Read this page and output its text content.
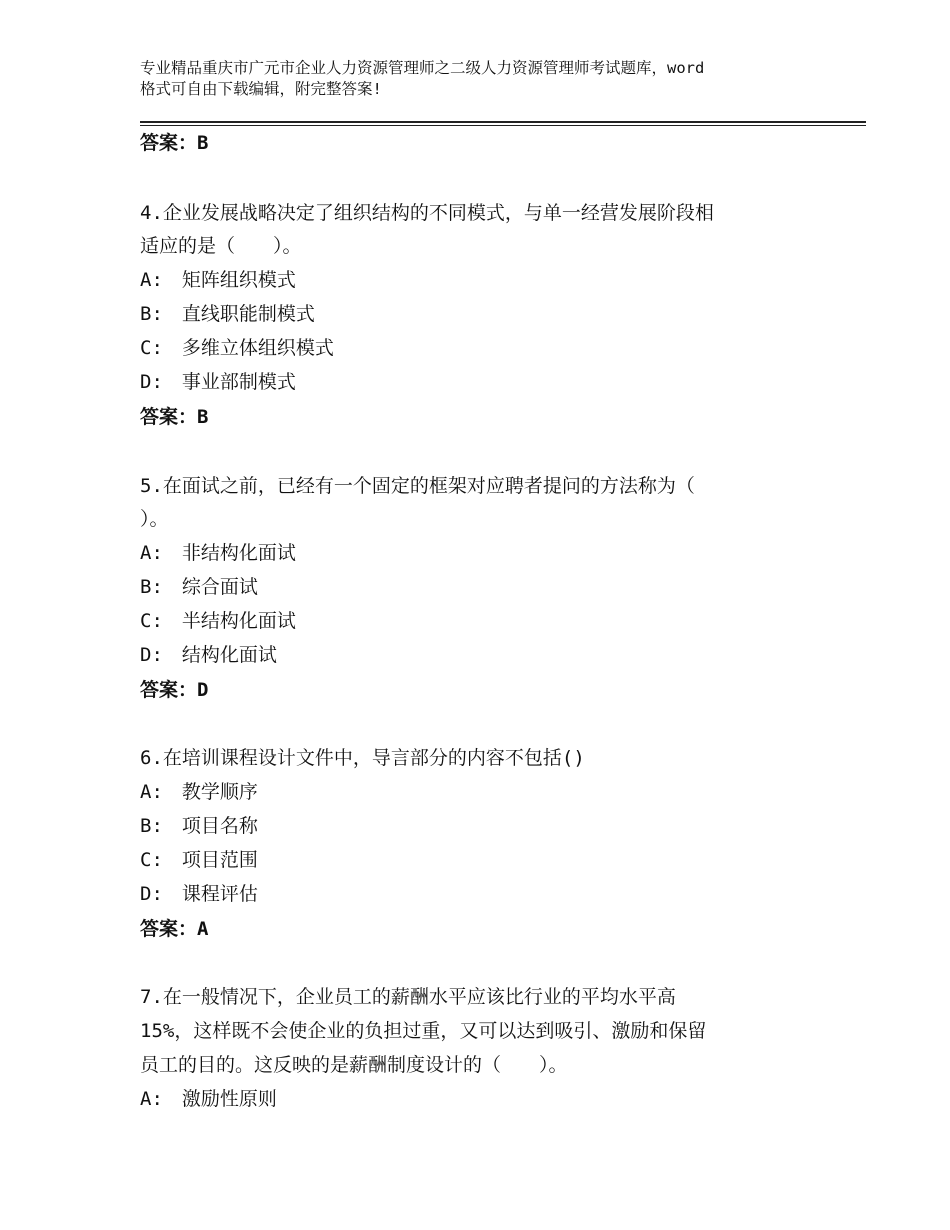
专业精品重庆市广元市企业人力资源管理师之二级人力资源管理师考试题库，word
格式可自由下载编辑，附完整答案!
答案：B
4.企业发展战略决定了组织结构的不同模式，与单一经营发展阶段相
适应的是（　　）。
A:　矩阵组织模式
B:　直线职能制模式
C:　多维立体组织模式
D:　事业部制模式
答案：B
5.在面试之前，已经有一个固定的框架对应聘者提问的方法称为（
）。
A:　非结构化面试
B:　综合面试
C:　半结构化面试
D:　结构化面试
答案：D
6.在培训课程设计文件中，导言部分的内容不包括()
A:　教学顺序
B:　项目名称
C:　项目范围
D:　课程评估
答案：A
7.在一般情况下，企业员工的薪酬水平应该比行业的平均水平高
15%，这样既不会使企业的负担过重，又可以达到吸引、激励和保留
员工的目的。这反映的是薪酬制度设计的（　　）。
A:　激励性原则
